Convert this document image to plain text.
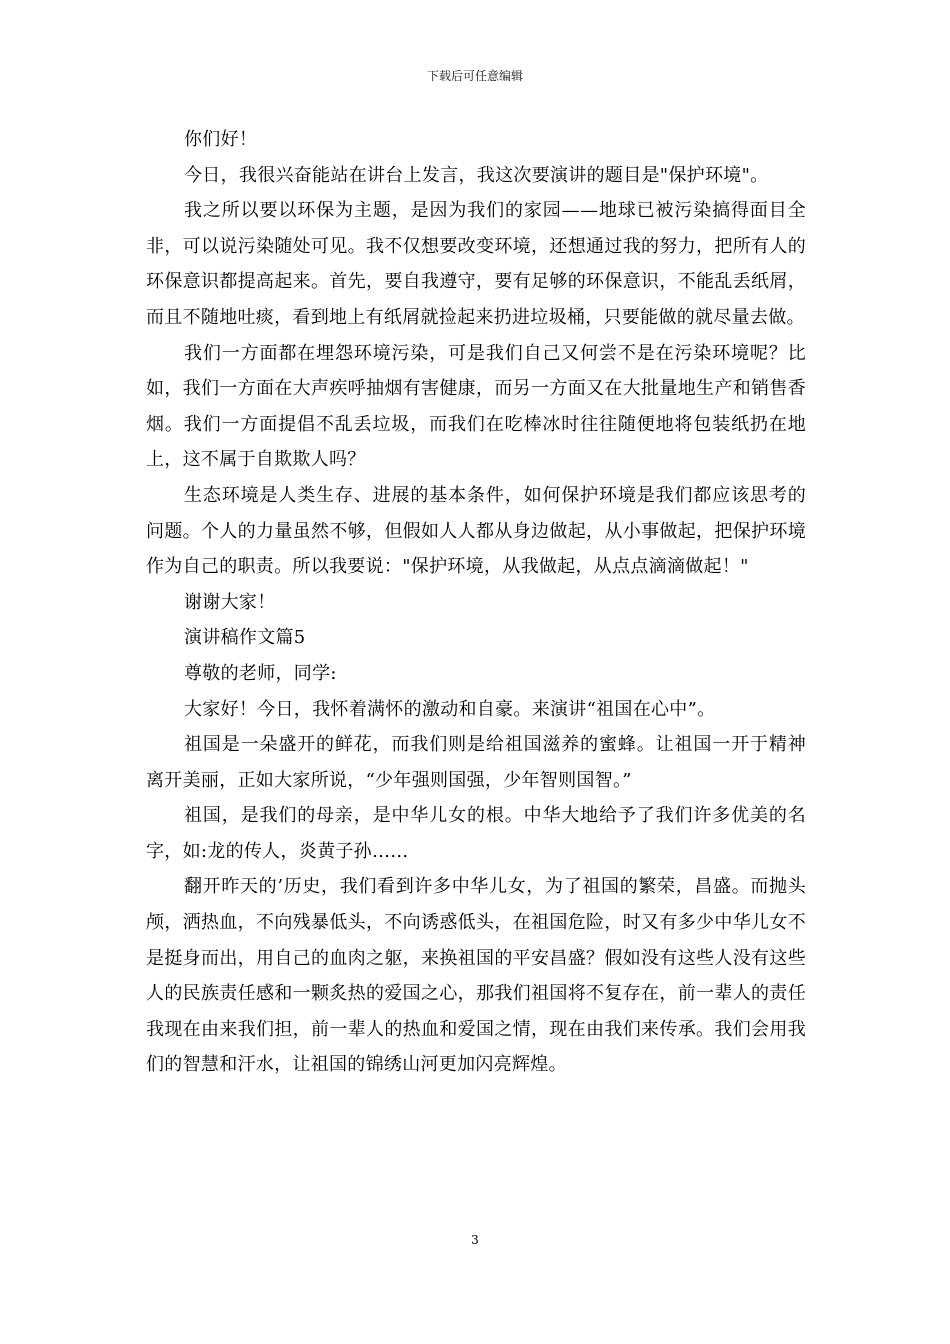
下载后可任意编辑

你们好！

今日，我很兴奋能站在讲台上发言，我这次要演讲的题目是"保护环境"。

我之所以要以环保为主题，是因为我们的家园——地球已被污染搞得面目全非，可以说污染随处可见。我不仅想要改变环境，还想通过我的努力，把所有人的环保意识都提高起来。首先，要自我遵守，要有足够的环保意识，不能乱丢纸屑，而且不随地吐痰，看到地上有纸屑就捡起来扔进垃圾桶，只要能做的就尽量去做。

我们一方面都在埋怨环境污染，可是我们自己又何尝不是在污染环境呢？比如，我们一方面在大声疾呼抽烟有害健康，而另一方面又在大批量地生产和销售香烟。我们一方面提倡不乱丢垃圾，而我们在吃棒冰时往往随便地将包装纸扔在地上，这不属于自欺欺人吗？

生态环境是人类生存、进展的基本条件，如何保护环境是我们都应该思考的问题。个人的力量虽然不够，但假如人人都从身边做起，从小事做起，把保护环境作为自己的职责。所以我要说："保护环境，从我做起，从点点滴滴做起！"

谢谢大家！

演讲稿作文篇5

尊敬的老师，同学:

大家好！今日，我怀着满怀的激动和自豪。来演讲“祖国在心中”。

祖国是一朵盛开的鲜花，而我们则是给祖国滋养的蜜蜂。让祖国一开于精神离开美丽，正如大家所说，“少年强则国强，少年智则国智。”

祖国，是我们的母亲，是中华儿女的根。中华大地给予了我们许多优美的名字，如:龙的传人，炎黄子孙……

翻开昨天的’历史，我们看到许多中华儿女，为了祖国的繁荣，昌盛。而抛头颅，洒热血，不向残暴低头，不向诱惑低头，在祖国危险，时又有多少中华儿女不是挺身而出，用自己的血肉之躯，来换祖国的平安昌盛？假如没有这些人没有这些人的民族责任感和一颗炙热的爱国之心，那我们祖国将不复存在，前一辈人的责任我现在由来我们担，前一辈人的热血和爱国之情，现在由我们来传承。我们会用我们的智慧和汗水，让祖国的锦绣山河更加闪亮辉煌。

3
